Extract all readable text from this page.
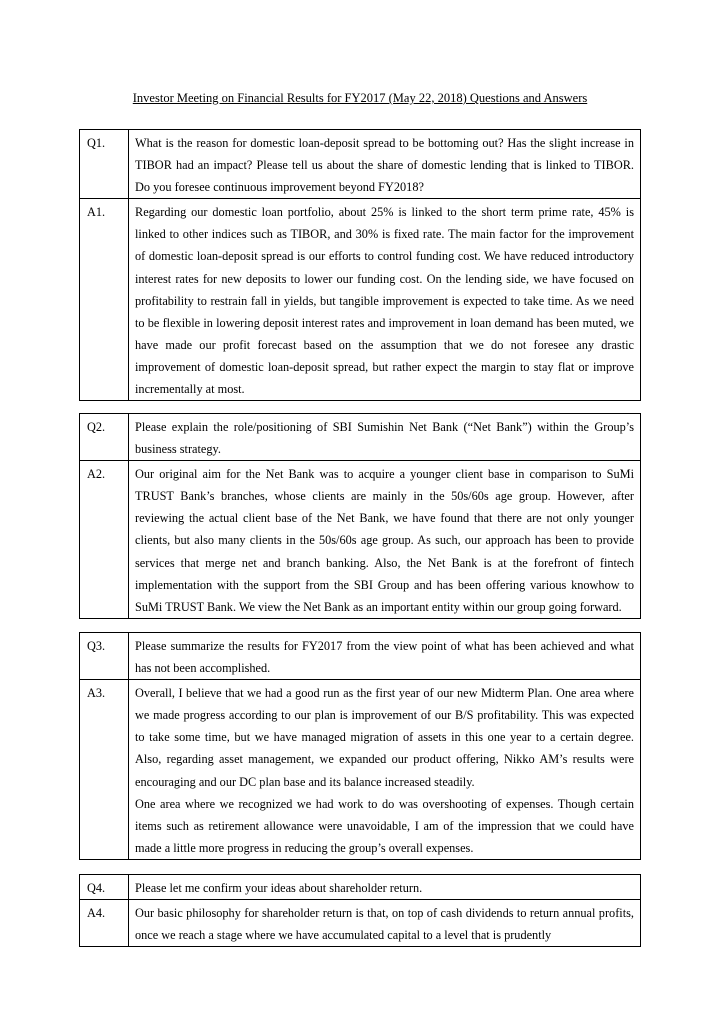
Investor Meeting on Financial Results for FY2017 (May 22, 2018) Questions and Answers
Q1.	What is the reason for domestic loan-deposit spread to be bottoming out? Has the slight increase in TIBOR had an impact? Please tell us about the share of domestic lending that is linked to TIBOR. Do you foresee continuous improvement beyond FY2018?
A1.	Regarding our domestic loan portfolio, about 25% is linked to the short term prime rate, 45% is linked to other indices such as TIBOR, and 30% is fixed rate. The main factor for the improvement of domestic loan-deposit spread is our efforts to control funding cost. We have reduced introductory interest rates for new deposits to lower our funding cost. On the lending side, we have focused on profitability to restrain fall in yields, but tangible improvement is expected to take time. As we need to be flexible in lowering deposit interest rates and improvement in loan demand has been muted, we have made our profit forecast based on the assumption that we do not foresee any drastic improvement of domestic loan-deposit spread, but rather expect the margin to stay flat or improve incrementally at most.
Q2.	Please explain the role/positioning of SBI Sumishin Net Bank (“Net Bank”) within the Group’s business strategy.
A2.	Our original aim for the Net Bank was to acquire a younger client base in comparison to SuMi TRUST Bank’s branches, whose clients are mainly in the 50s/60s age group. However, after reviewing the actual client base of the Net Bank, we have found that there are not only younger clients, but also many clients in the 50s/60s age group. As such, our approach has been to provide services that merge net and branch banking. Also, the Net Bank is at the forefront of fintech implementation with the support from the SBI Group and has been offering various knowhow to SuMi TRUST Bank. We view the Net Bank as an important entity within our group going forward.
Q3.	Please summarize the results for FY2017 from the view point of what has been achieved and what has not been accomplished.
A3.	Overall, I believe that we had a good run as the first year of our new Midterm Plan. One area where we made progress according to our plan is improvement of our B/S profitability. This was expected to take some time, but we have managed migration of assets in this one year to a certain degree. Also, regarding asset management, we expanded our product offering, Nikko AM’s results were encouraging and our DC plan base and its balance increased steadily.
One area where we recognized we had work to do was overshooting of expenses. Though certain items such as retirement allowance were unavoidable, I am of the impression that we could have made a little more progress in reducing the group’s overall expenses.
Q4.	Please let me confirm your ideas about shareholder return.
A4.	Our basic philosophy for shareholder return is that, on top of cash dividends to return annual profits, once we reach a stage where we have accumulated capital to a level that is prudently
